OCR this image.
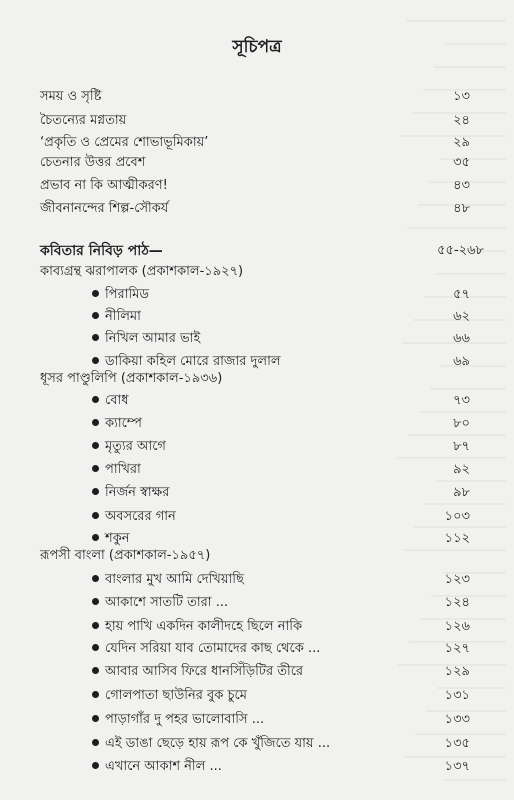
সূচিপত্র
সময় ও সৃষ্টি	১৩
চৈতন্যের মগ্নতায়	২৪
‘প্রকৃতি ও প্রেমের শোভাভূমিকায়’	২৯
চেতনার উত্তর প্রবেশ	৩৫
প্রভাব না কি আত্মীকরণ!	৪৩
জীবনানন্দের শিল্প-সৌকর্য	৪৮
কবিতার নিবিড় পাঠ—	৫৫-২৬৮
কাব্যগ্রন্থ ঝরাপালক (প্রকাশকাল-১৯২৭)
পিরামিড	৫৭
নীলিমা	৬২
নিখিল আমার ভাই	৬৬
ডাকিয়া কহিল মোরে রাজার দুলাল	৬৯
ধূসর পাণ্ডুলিপি (প্রকাশকাল-১৯৩৬)
বোধ	৭৩
ক্যাম্পে	৮০
মৃত্যুর আগে	৮৭
পাখিরা	৯২
নির্জন স্বাক্ষর	৯৮
অবসরের গান	১০৩
শকুন	১১২
রূপসী বাংলা (প্রকাশকাল-১৯৫৭)
বাংলার মুখ আমি দেখিয়াছি	১২৩
আকাশে সাতটি তারা ...	১২৪
হায় পাখি একদিন কালীদহে ছিলে নাকি	১২৬
যেদিন সরিয়া যাব তোমাদের কাছ থেকে ...	১২৭
আবার আসিব ফিরে ধানসিঁড়িটির তীরে	১২৯
গোলপাতা ছাউনির বুক চুমে	১৩১
পাড়াগাঁর দু পহর ভালোবাসি ...	১৩৩
এই ডাঙা ছেড়ে হায় রূপ কে খুঁজিতে যায় ...	১৩৫
এখানে আকাশ নীল ...	১৩৭
